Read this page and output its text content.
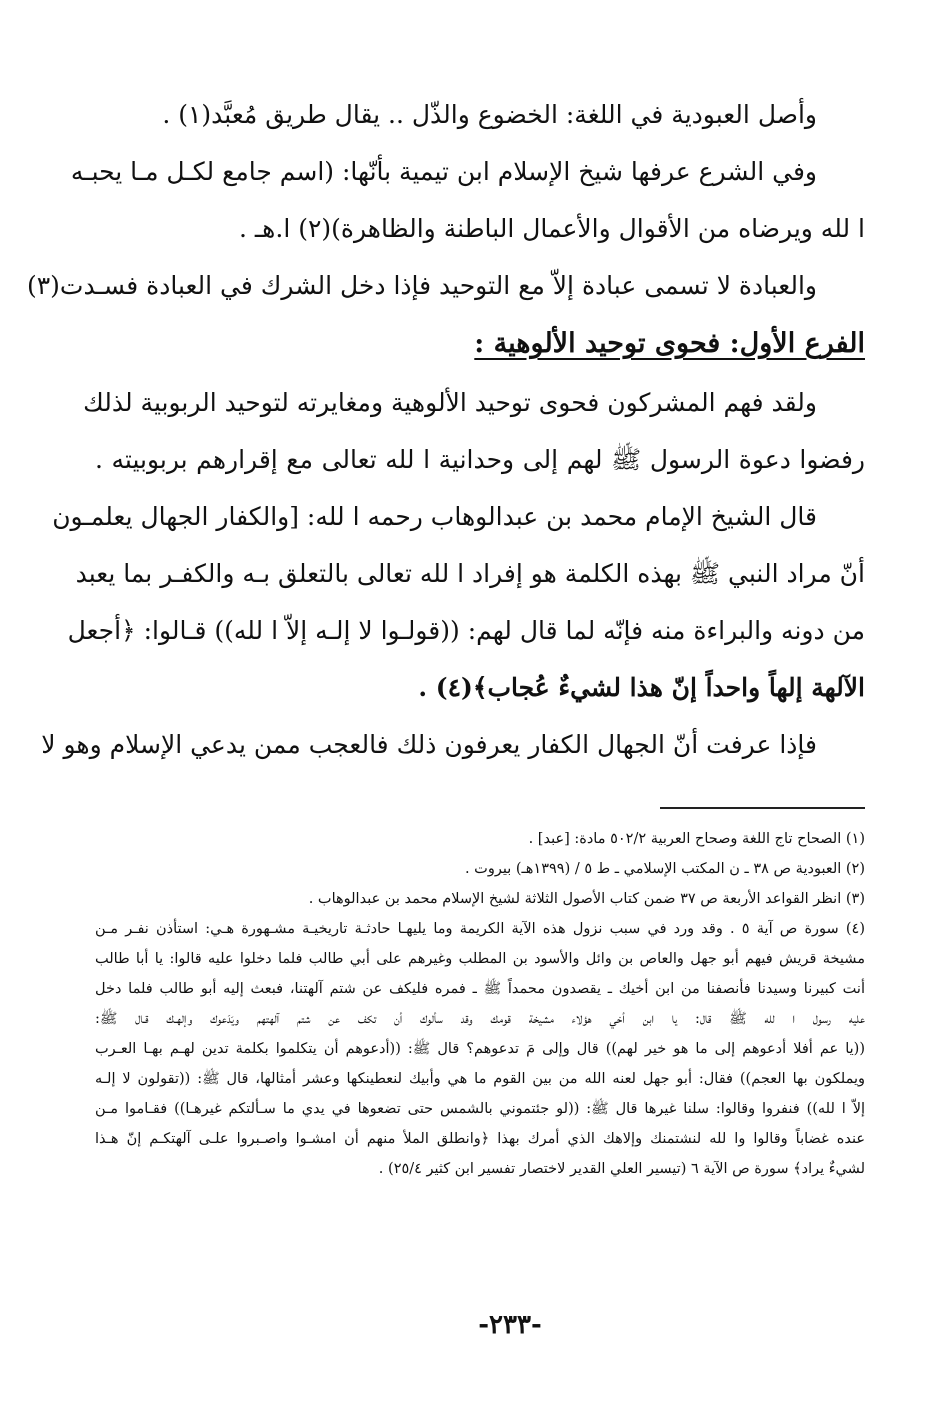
وأصل العبودية في اللغة: الخضوع والذّل .. يقال طريق مُعبَّد(١) .
وفي الشرع عرفها شيخ الإسلام ابن تيمية بأنّها: (اسم جامع لكـل مـا يحبـه
ا لله ويرضاه من الأقوال والأعمال الباطنة والظاهرة)(٢) ا.هـ .
والعبادة لا تسمى عبادة إلاّ مع التوحيد فإذا دخل الشرك في العبادة فسـدت(٣)
الفرع الأول: فحوى توحيد الألوهية :
ولقد فهم المشركون فحوى توحيد الألوهية ومغايرته لتوحيد الربوبية لذلك
رفضوا دعوة الرسول ﷺ لهم إلى وحدانية ا لله تعالى مع إقرارهم بربوبيته .
قال الشيخ الإمام محمد بن عبدالوهاب رحمه ا لله: [والكفار الجهال يعلمـون
أنّ مراد النبي ﷺ بهذه الكلمة هو إفراد ا لله تعالى بالتعلق بـه والكفـر بما يعبد
من دونه والبراءة منه فإنّه لما قال لهم: ((قولـوا لا إلـه إلاّ ا لله)) قـالوا: ﴿أجعل
الآلهة إلهاً واحداً إنّ هذا لشيءٌ عُجاب﴾(٤) .
فإذا عرفت أنّ الجهال الكفار يعرفون ذلك فالعجب ممن يدعي الإسلام وهو لا
(١) الصحاح تاج اللغة وصحاح العربية ٥٠٢/٢ مادة: [عبد] .
(٢) العبودية ص ٣٨ ـ ن المكتب الإسلامي ـ ط ٥ / (١٣٩٩هـ) بيروت .
(٣) انظر القواعد الأربعة ص ٣٧ ضمن كتاب الأصول الثلاثة لشيخ الإسلام محمد بن عبدالوهاب .
(٤) سورة ص آية ٥ . وقد ورد في سبب نزول هذه الآية الكريمة وما يليهـا حادثـة تاريخيـة مشـهورة هـي: استأذن نفـر مـن
مشيخة قريش فيهم أبو جهل والعاص بن وائل والأسود بن المطلب وغيرهم على أبي طالب فلما دخلوا عليه قالوا: يا أبا طالب
أنت كبيرنا وسيدنا فأنصفنا من ابن أخيك ـ يقصدون محمداً ﷺ ـ فمره فليكف عن شتم آلهتنا، فبعث إليه أبو طالب فلما دخل
عليه رسول ا لله ﷺ قال: يا ابن أخي هؤلاء مشيخة قومك وقد سألوك أن تكف عن شتم آلهتهم ويَدَعوك وإلهـك قـال ﷺ:
((يا عم أفلا أدعوهم إلى ما هو خير لهم)) قال وإلى مَ تدعوهم؟ قال ﷺ: ((أدعوهم أن يتكلموا بكلمة تدين لهـم بهـا العـرب
ويملكون بها العجم)) فقال: أبو جهل لعنه الله من بين القوم ما هي وأبيك لنعطينكها وعشر أمثالها، قال ﷺ: ((تقولون لا إلـه
إلاّ ا لله)) فنفروا وقالوا: سلنا غيرها قال ﷺ: ((لو جئتموني بالشمس حتى تضعوها في يدي ما سـألتكم غيرهـا)) فقـاموا مـن
عنده غضاباً وقالوا وا لله لنشتمنك وإلاهك الذي أمرك بهذا ﴿وانطلق الملأ منهم أن امشـوا واصـبروا علـى آلهتكـم إنّ هـذا
لشيءٌ يراد﴾ سورة ص الآية ٦ (تيسير العلي القدير لاختصار تفسير ابن كثير ٢٥/٤) .
-٢٣٣-
